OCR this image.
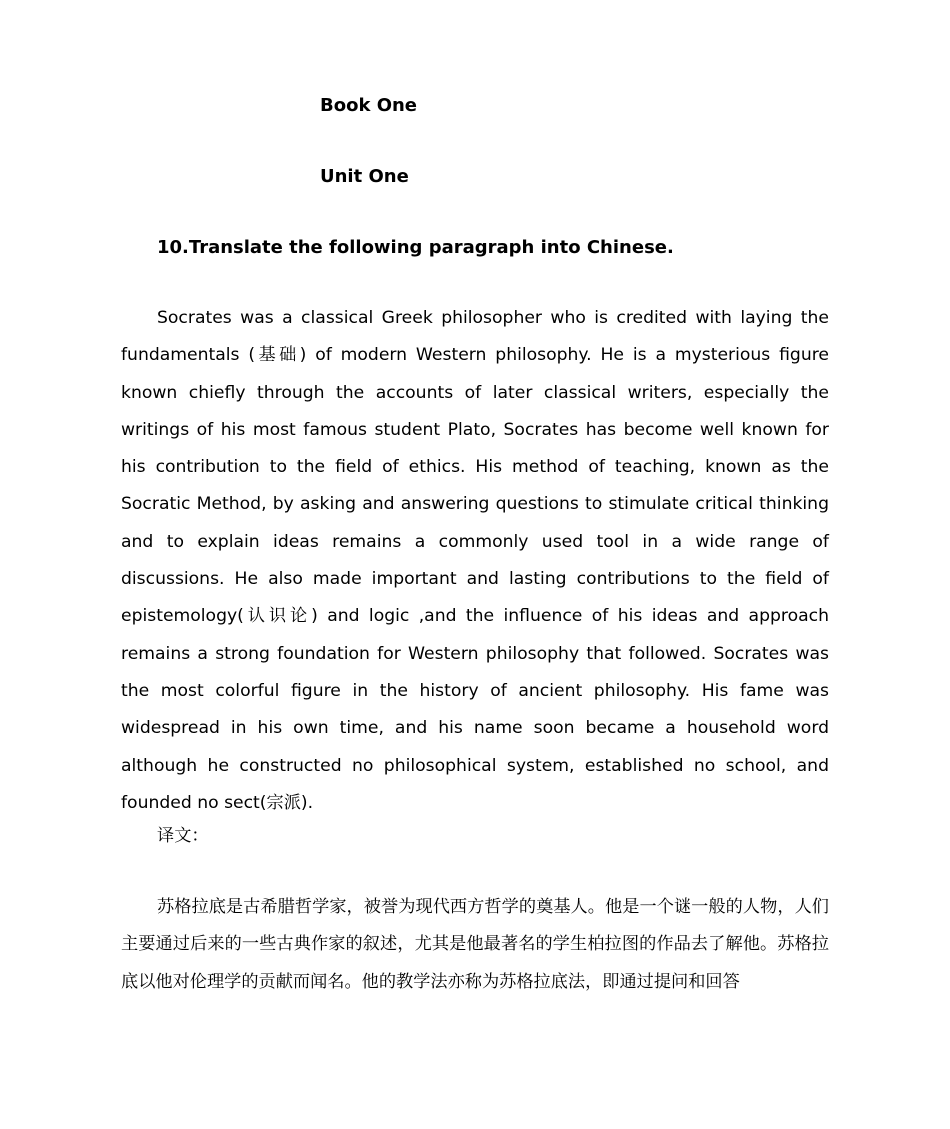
Book One
Unit One
10.Translate the following paragraph into Chinese.

Socrates was a classical Greek philosopher who is credited with laying the fundamentals (基础) of modern Western philosophy. He is a mysterious figure known chiefly through the accounts of later classical writers, especially the writings of his most famous student Plato, Socrates has become well known for his contribution to the field of ethics. His method of teaching, known as the Socratic Method, by asking and answering questions to stimulate critical thinking and to explain ideas remains a commonly used tool in a wide range of discussions. He also made important and lasting contributions to the field of epistemology(认识论) and logic ,and the influence of his ideas and approach remains a strong foundation for Western philosophy that followed. Socrates was the most colorful figure in the history of ancient philosophy. His fame was widespread in his own time, and his name soon became a household word although he constructed no philosophical system, established no school, and founded no sect(宗派).

译文：

苏格拉底是古希腊哲学家，被誉为现代西方哲学的奠基人。他是一个谜一般的人物，人们主要通过后来的一些古典作家的叙述，尤其是他最著名的学生柏拉图的作品去了解他。苏格拉底以他对伦理学的贡献而闻名。他的教学法亦称为苏格拉底法，即通过提问和回答
